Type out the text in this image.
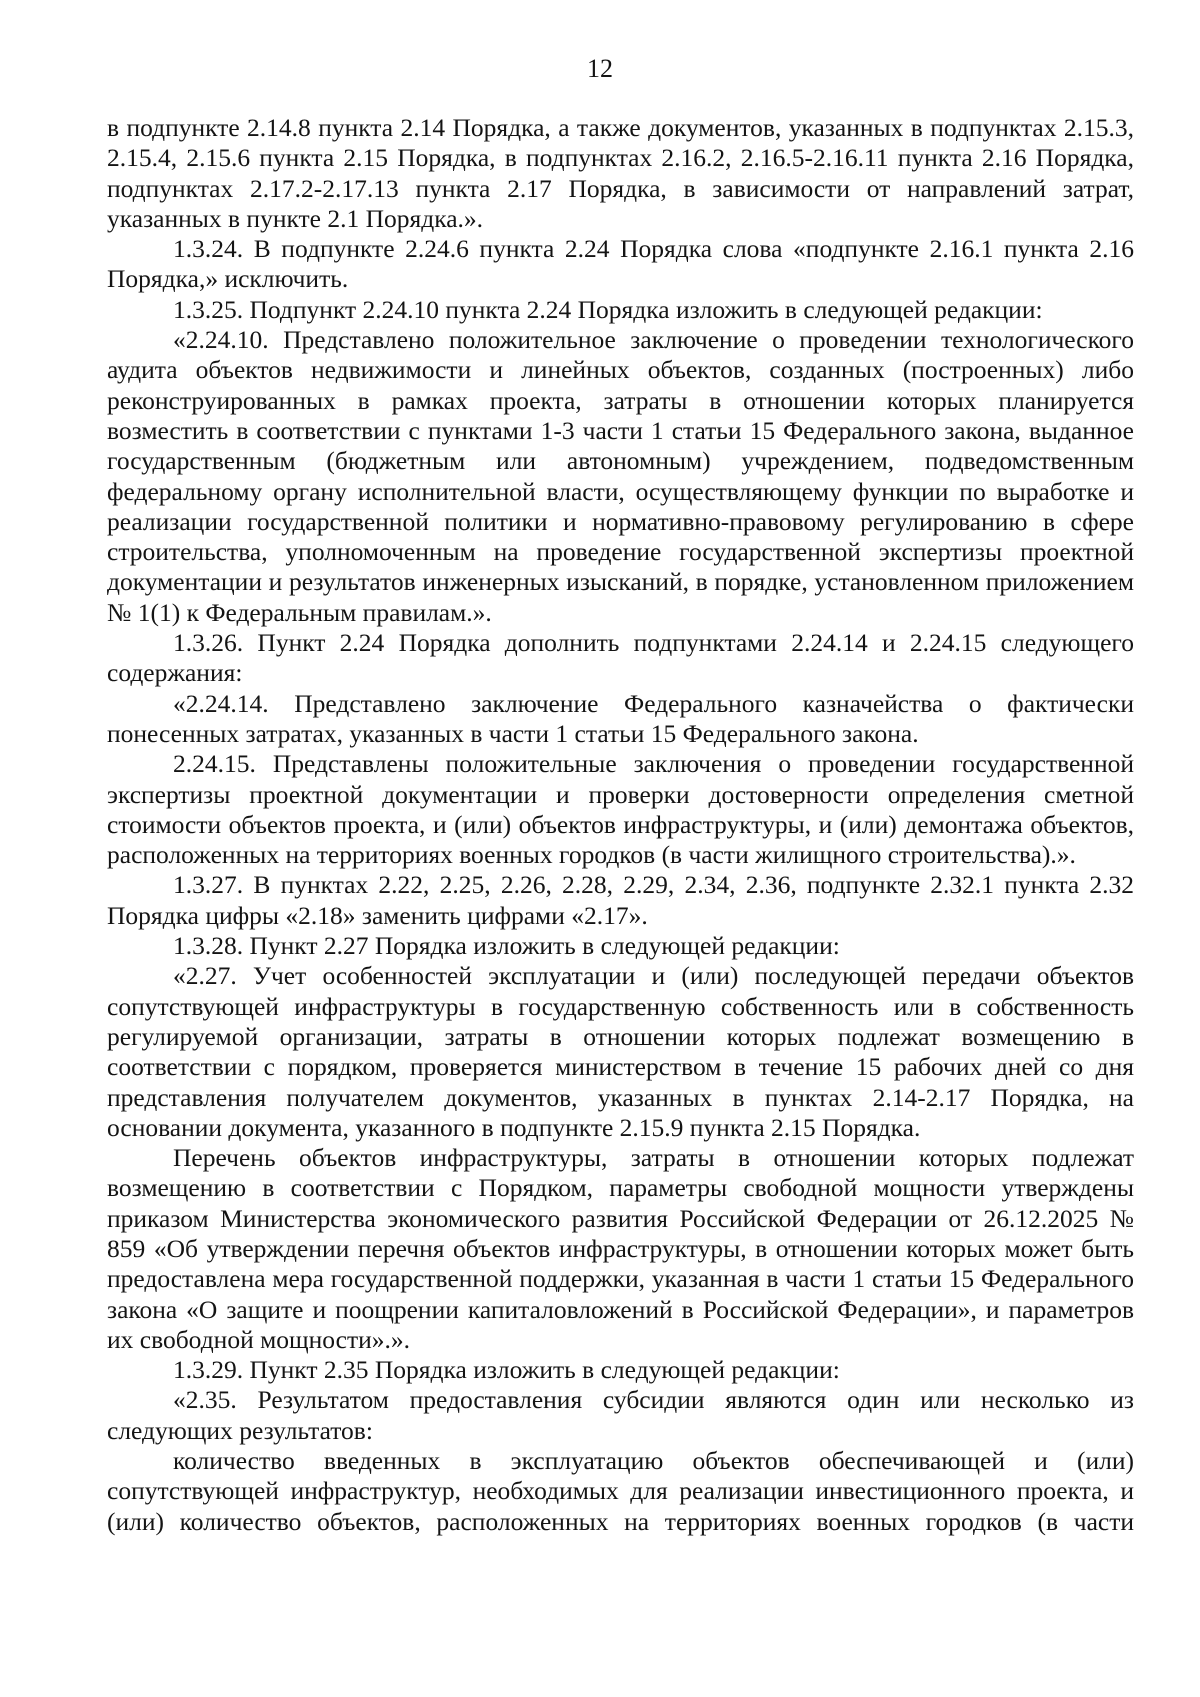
12

в подпункте 2.14.8 пункта 2.14 Порядка, а также документов, указанных в подпунктах 2.15.3, 2.15.4, 2.15.6 пункта 2.15 Порядка, в подпунктах 2.16.2, 2.16.5-2.16.11 пункта 2.16 Порядка, подпунктах 2.17.2-2.17.13 пункта 2.17 Порядка, в зависимости от направлений затрат, указанных в пункте 2.1 Порядка.».

1.3.24. В подпункте 2.24.6 пункта 2.24 Порядка слова «подпункте 2.16.1 пункта 2.16 Порядка,» исключить.

1.3.25. Подпункт 2.24.10 пункта 2.24 Порядка изложить в следующей редакции:

«2.24.10. Представлено положительное заключение о проведении технологического аудита объектов недвижимости и линейных объектов, созданных (построенных) либо реконструированных в рамках проекта, затраты в отношении которых планируется возместить в соответствии с пунктами 1-3 части 1 статьи 15 Федерального закона, выданное государственным (бюджетным или автономным) учреждением, подведомственным федеральному органу исполнительной власти, осуществляющему функции по выработке и реализации государственной политики и нормативно-правовому регулированию в сфере строительства, уполномоченным на проведение государственной экспертизы проектной документации и результатов инженерных изысканий, в порядке, установленном приложением № 1(1) к Федеральным правилам.».

1.3.26. Пункт 2.24 Порядка дополнить подпунктами 2.24.14 и 2.24.15 следующего содержания:

«2.24.14. Представлено заключение Федерального казначейства о фактически понесенных затратах, указанных в части 1 статьи 15 Федерального закона.

2.24.15. Представлены положительные заключения о проведении государственной экспертизы проектной документации и проверки достоверности определения сметной стоимости объектов проекта, и (или) объектов инфраструктуры, и (или) демонтажа объектов, расположенных на территориях военных городков (в части жилищного строительства).».

1.3.27. В пунктах 2.22, 2.25, 2.26, 2.28, 2.29, 2.34, 2.36, подпункте 2.32.1 пункта 2.32 Порядка цифры «2.18» заменить цифрами «2.17».

1.3.28. Пункт 2.27 Порядка изложить в следующей редакции:

«2.27. Учет особенностей эксплуатации и (или) последующей передачи объектов сопутствующей инфраструктуры в государственную собственность или в собственность регулируемой организации, затраты в отношении которых подлежат возмещению в соответствии с порядком, проверяется министерством в течение 15 рабочих дней со дня представления получателем документов, указанных в пунктах 2.14-2.17 Порядка, на основании документа, указанного в подпункте 2.15.9 пункта 2.15 Порядка.

Перечень объектов инфраструктуры, затраты в отношении которых подлежат возмещению в соответствии с Порядком, параметры свободной мощности утверждены приказом Министерства экономического развития Российской Федерации от 26.12.2025 № 859 «Об утверждении перечня объектов инфраструктуры, в отношении которых может быть предоставлена мера государственной поддержки, указанная в части 1 статьи 15 Федерального закона «О защите и поощрении капиталовложений в Российской Федерации», и параметров их свободной мощности».».

1.3.29. Пункт 2.35 Порядка изложить в следующей редакции:

«2.35. Результатом предоставления субсидии являются один или несколько из следующих результатов:

количество введенных в эксплуатацию объектов обеспечивающей и (или) сопутствующей инфраструктур, необходимых для реализации инвестиционного проекта, и (или) количество объектов, расположенных на территориях военных городков (в части
